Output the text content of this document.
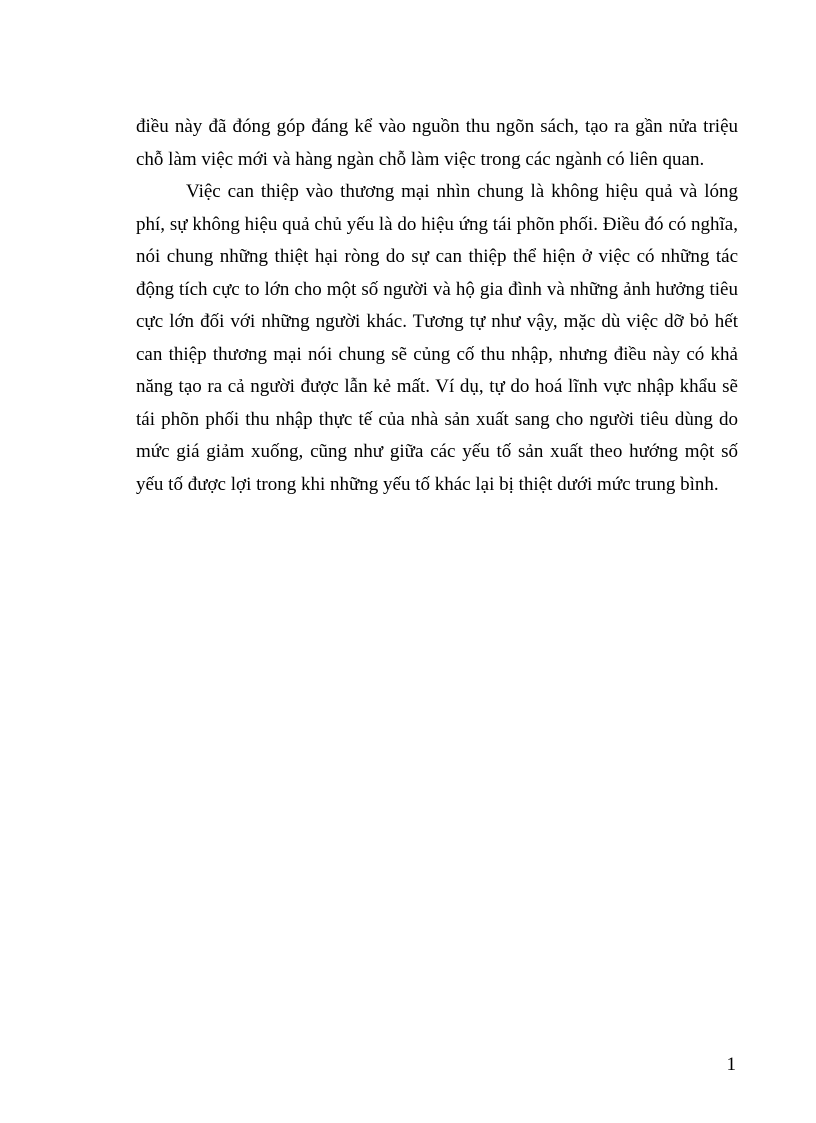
điều này đã đóng góp đáng kể vào nguồn thu ngõn sách, tạo ra gần nửa triệu chỗ làm việc mới và hàng ngàn chỗ làm việc trong các ngành có liên quan.

Việc can thiệp vào thương mại nhìn chung là không hiệu quả và lóng phí, sự không hiệu quả chủ yếu là do hiệu ứng tái phõn phối. Điều đó có nghĩa, nói chung những thiệt hại ròng do sự can thiệp thể hiện ở việc có những tác động tích cực to lớn cho một số người và hộ gia đình và những ảnh hưởng tiêu cực lớn đối với những người khác. Tương tự như vậy, mặc dù việc dỡ bỏ hết can thiệp thương mại nói chung sẽ củng cố thu nhập, nhưng điều này có khả năng tạo ra cả người được lẫn kẻ mất. Ví dụ, tự do hoá lĩnh vực nhập khẩu sẽ tái phõn phối thu nhập thực tế của nhà sản xuất sang cho người tiêu dùng do mức giá giảm xuống, cũng như giữa các yếu tố sản xuất theo hướng một số yếu tố được lợi trong khi những yếu tố khác lại bị thiệt dưới mức trung bình.

1
